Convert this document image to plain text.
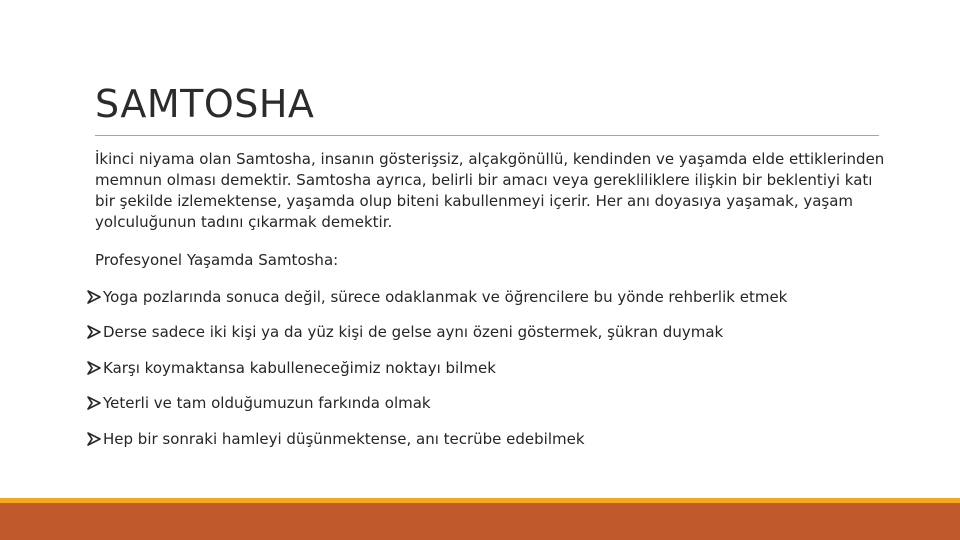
SAMTOSHA

İkinci niyama olan Samtosha, insanın gösterişsiz, alçakgönüllü, kendinden ve yaşamda elde ettiklerinden memnun olması demektir. Samtosha ayrıca, belirli bir amacı veya gerekliliklere ilişkin bir beklentiyi katı bir şekilde izlemektense, yaşamda olup biteni kabullenmeyi içerir. Her anı doyasıya yaşamak, yaşam yolculuğunun tadını çıkarmak demektir.

Profesyonel Yaşamda Samtosha:

Yoga pozlarında sonuca değil, sürece odaklanmak ve öğrencilere bu yönde rehberlik etmek
Derse sadece iki kişi ya da yüz kişi de gelse aynı özeni göstermek, şükran duymak
Karşı koymaktansa kabulleneceğimiz noktayı bilmek
Yeterli ve tam olduğumuzun farkında olmak
Hep bir sonraki hamleyi düşünmektense, anı tecrübe edebilmek
